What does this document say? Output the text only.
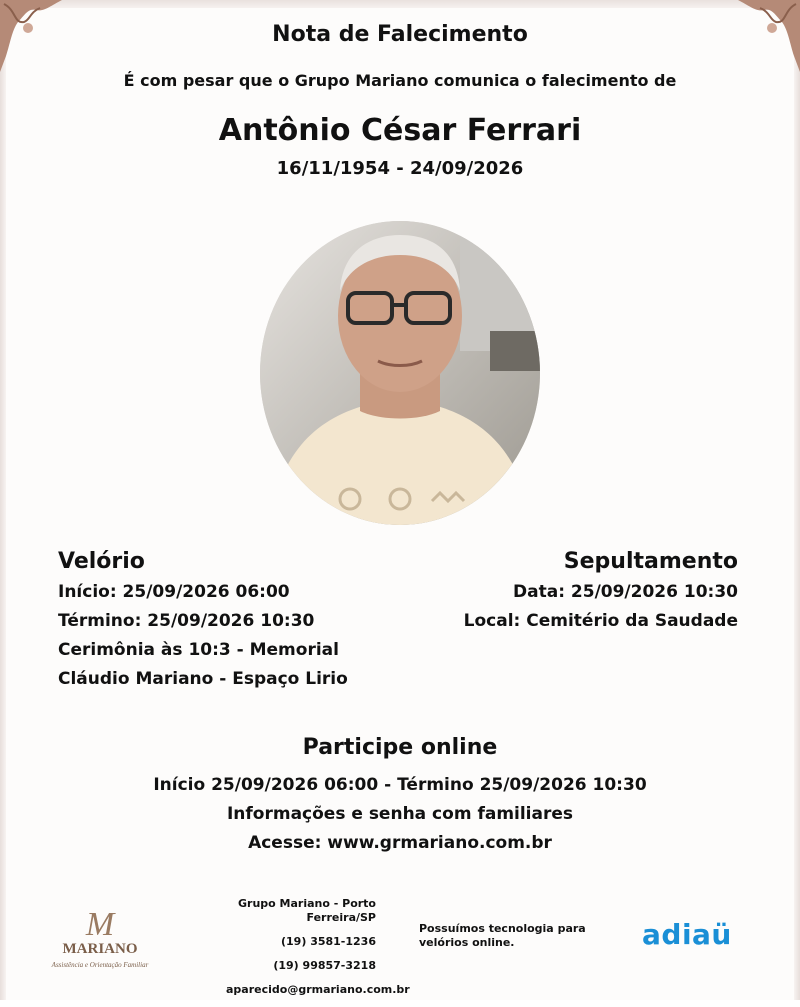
Nota de Falecimento
É com pesar que o Grupo Mariano comunica o falecimento de
Antônio César Ferrari
16/11/1954 - 24/09/2026
Velório
Início: 25/09/2026 06:00
Término: 25/09/2026 10:30
Cerimônia às 10:3 - Memorial
Cláudio Mariano - Espaço Lirio
Sepultamento
Data: 25/09/2026 10:30
Local: Cemitério da Saudade
Participe online
Início 25/09/2026 06:00 - Término 25/09/2026 10:30
Informações e senha com familiares
Acesse: www.grmariano.com.br
M
MARIANO
Assistência e Orientação Familiar
Grupo Mariano - Porto Ferreira/SP
(19) 3581-1236
(19) 99857-3218
aparecido@grmariano.com.br
Possuímos tecnologia para velórios online.	adiaü
